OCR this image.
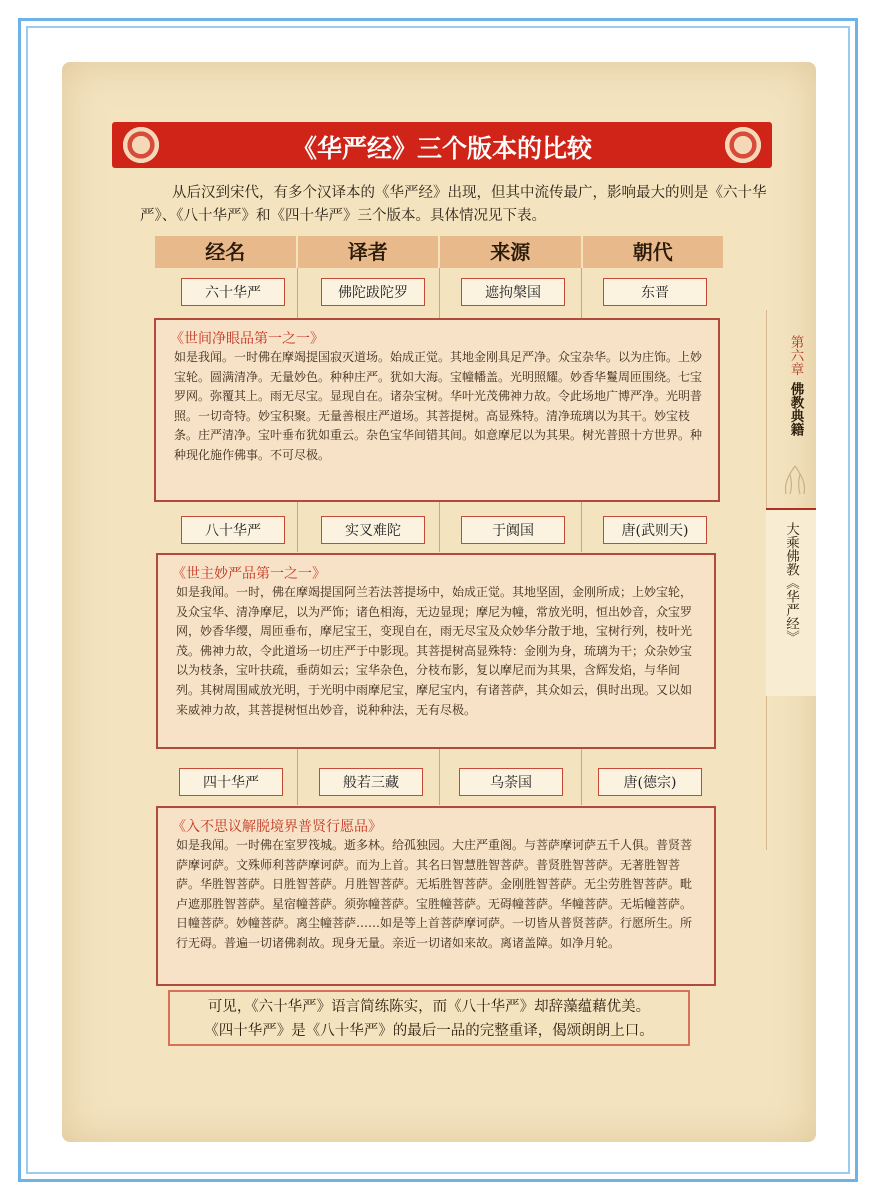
《华严经》三个版本的比较
从后汉到宋代，有多个汉译本的《华严经》出现，但其中流传最广，影响最大的则是《六十华严》、《八十华严》和《四十华严》三个版本。具体情况见下表。
经名	译者	来源	朝代
六十华严	佛陀跋陀罗	遮拘槃国	东晋
《世间净眼品第一之一》
如是我闻。一时佛在摩竭提国寂灭道场。始成正觉。其地金刚具足严净。众宝杂华。以为庄饰。上妙宝轮。圆满清净。无量妙色。种种庄严。犹如大海。宝幢幡盖。光明照耀。妙香华鬘周匝围绕。七宝罗网。弥覆其上。雨无尽宝。显现自在。诸杂宝树。华叶光茂佛神力故。令此场地广博严净。光明普照。一切奇特。妙宝积聚。无量善根庄严道场。其菩提树。高显殊特。清净琉璃以为其干。妙宝枝条。庄严清净。宝叶垂布犹如重云。杂色宝华间错其间。如意摩尼以为其果。树光普照十方世界。种种现化施作佛事。不可尽极。
八十华严	实叉难陀	于阗国	唐(武则天)
《世主妙严品第一之一》
如是我闻。一时，佛在摩竭提国阿兰若法菩提场中，始成正觉。其地坚固，金刚所成；上妙宝轮，及众宝华、清净摩尼，以为严饰；诸色相海，无边显现；摩尼为幢，常放光明，恒出妙音，众宝罗网，妙香华缨，周匝垂布，摩尼宝王，变现自在，雨无尽宝及众妙华分散于地，宝树行列，枝叶光茂。佛神力故，令此道场一切庄严于中影现。其菩提树高显殊特：金刚为身，琉璃为干；众杂妙宝以为枝条，宝叶扶疏，垂荫如云；宝华杂色，分枝布影，复以摩尼而为其果，含辉发焰，与华间列。其树周围咸放光明，于光明中雨摩尼宝，摩尼宝内，有诸菩萨，其众如云，俱时出现。又以如来威神力故，其菩提树恒出妙音，说种种法，无有尽极。
四十华严	般若三藏	乌荼国	唐(德宗)
《入不思议解脱境界普贤行愿品》
如是我闻。一时佛在室罗筏城。逝多林。给孤独园。大庄严重阁。与菩萨摩诃萨五千人俱。普贤菩萨摩诃萨。文殊师利菩萨摩诃萨。而为上首。其名曰智慧胜智菩萨。普贤胜智菩萨。无著胜智菩萨。华胜智菩萨。日胜智菩萨。月胜智菩萨。无垢胜智菩萨。金刚胜智菩萨。无尘劳胜智菩萨。毗卢遮那胜智菩萨。星宿幢菩萨。须弥幢菩萨。宝胜幢菩萨。无碍幢菩萨。华幢菩萨。无垢幢菩萨。日幢菩萨。妙幢菩萨。离尘幢菩萨……如是等上首菩萨摩诃萨。一切皆从普贤菩萨。行愿所生。所行无碍。普遍一切诸佛刹故。现身无量。亲近一切诸如来故。离诸盖障。如净月轮。
可见，《六十华严》语言简练陈实，而《八十华严》却辞藻蕴藉优美。
《四十华严》是《八十华严》的最后一品的完整重译，偈颂朗朗上口。
第六章
佛教典籍
大乘佛教《华严经》
